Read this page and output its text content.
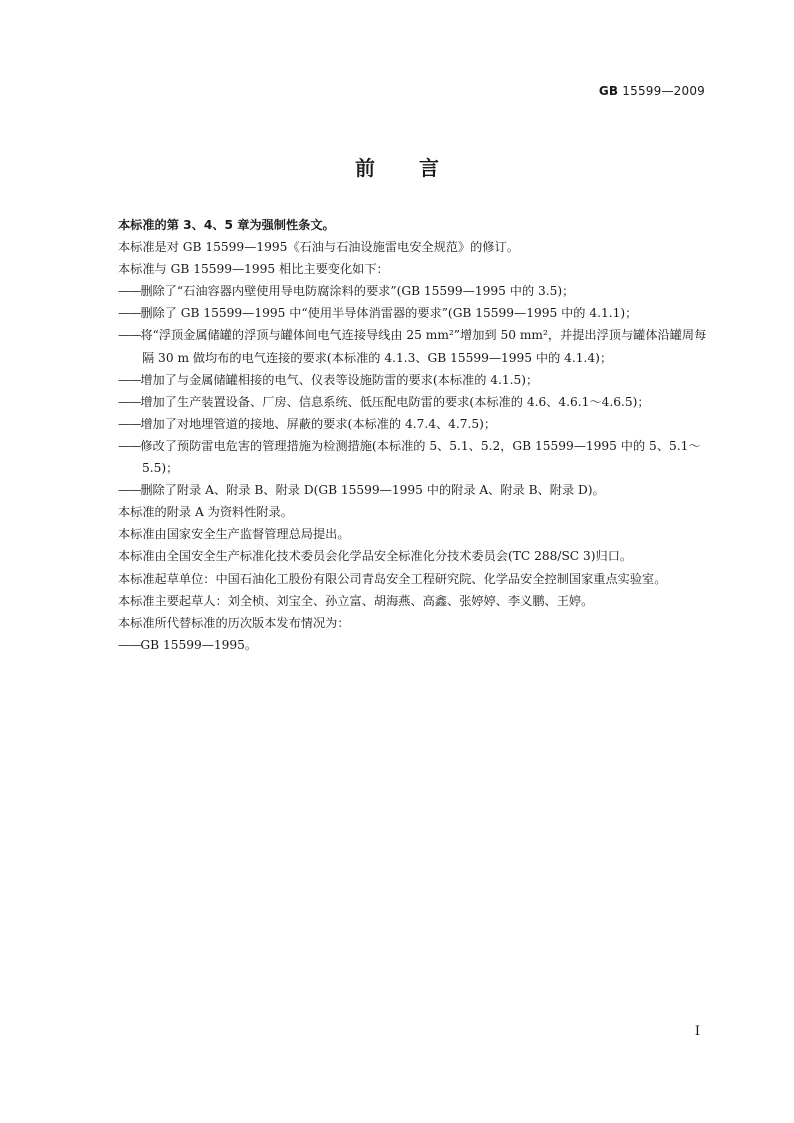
GB 15599—2009
前言

本标准的第 3、4、5 章为强制性条文。

本标准是对 GB 15599—1995《石油与石油设施雷电安全规范》的修订。

本标准与 GB 15599—1995 相比主要变化如下：

——删除了“石油容器内壁使用导电防腐涂料的要求”(GB 15599—1995 中的 3.5)；

——删除了 GB 15599—1995 中“使用半导体消雷器的要求”(GB 15599—1995 中的 4.1.1)；

——将“浮顶金属储罐的浮顶与罐体间电气连接导线由 25 mm²”增加到 50 mm²，并提出浮顶与罐体沿罐周每隔 30 m 做均布的电气连接的要求(本标准的 4.1.3、GB 15599—1995 中的 4.1.4)；

——增加了与金属储罐相接的电气、仪表等设施防雷的要求(本标准的 4.1.5)；

——增加了生产装置设备、厂房、信息系统、低压配电防雷的要求(本标准的 4.6、4.6.1～4.6.5)；

——增加了对地埋管道的接地、屏蔽的要求(本标准的 4.7.4、4.7.5)；

——修改了预防雷电危害的管理措施为检测措施(本标准的 5、5.1、5.2，GB 15599—1995 中的 5、5.1～5.5)；

——删除了附录 A、附录 B、附录 D(GB 15599—1995 中的附录 A、附录 B、附录 D)。

本标准的附录 A 为资料性附录。

本标准由国家安全生产监督管理总局提出。

本标准由全国安全生产标准化技术委员会化学品安全标准化分技术委员会(TC 288/SC 3)归口。

本标准起草单位：中国石油化工股份有限公司青岛安全工程研究院、化学品安全控制国家重点实验室。

本标准主要起草人：刘全桢、刘宝全、孙立富、胡海燕、高鑫、张婷婷、李义鹏、王婷。

本标准所代替标准的历次版本发布情况为：

——GB 15599—1995。

I
